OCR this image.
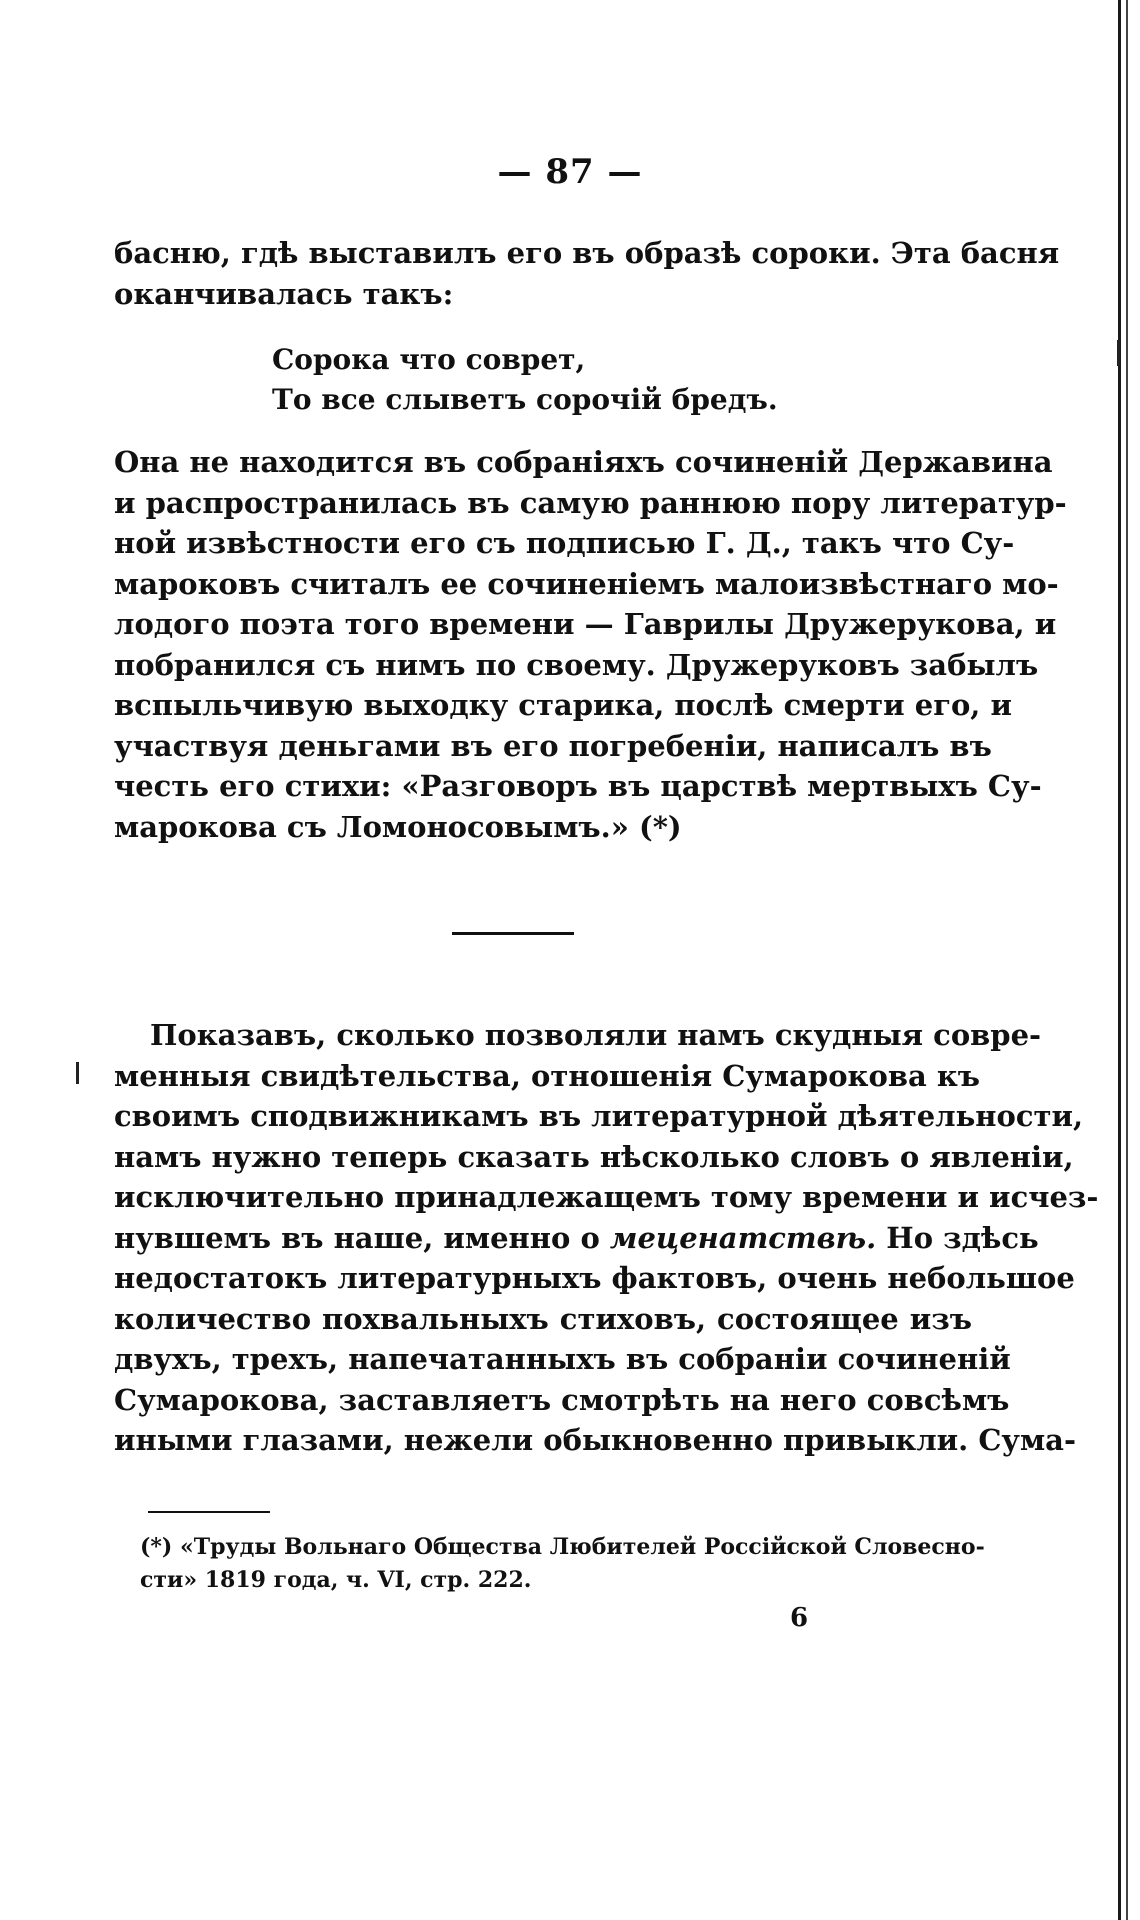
— 87 —
басню, гдѣ выставилъ его въ образѣ сороки. Эта басня
оканчивалась такъ:
Сорока что соврет,
То все слыветъ сорочій бредъ.
Она не находится въ собраніяхъ сочиненій Державина
и распространилась въ самую раннюю пору литератур-
ной извѣстности его съ подписью Г. Д., такъ что Су-
мароковъ считалъ ее сочиненіемъ малоизвѣстнаго мо-
лодого поэта того времени — Гаврилы Дружерукова, и
побранился съ нимъ по своему. Дружеруковъ забылъ
вспыльчивую выходку старика, послѣ смерти его, и
участвуя деньгами въ его погребеніи, написалъ въ
честь его стихи: «Разговоръ въ царствѣ мертвыхъ Су-
марокова съ Ломоносовымъ.» (*)
Показавъ, сколько позволяли намъ скудныя совре-
менныя свидѣтельства, отношенія Сумарокова къ
своимъ сподвижникамъ въ литературной дѣятельности,
намъ нужно теперь сказать нѣсколько словъ о явленіи,
исключительно принадлежащемъ тому времени и исчез-
нувшемъ въ наше, именно о меценатствѣ. Но здѣсь
недостатокъ литературныхъ фактовъ, очень небольшое
количество похвальныхъ стиховъ, состоящее изъ
двухъ, трехъ, напечатанныхъ въ собраніи сочиненій
Сумарокова, заставляетъ смотрѣть на него совсѣмъ
иными глазами, нежели обыкновенно привыкли. Сума-
(*) «Труды Вольнаго Общества Любителей Россійской Словесно-
сти» 1819 года, ч. VI, стр. 222.
6
